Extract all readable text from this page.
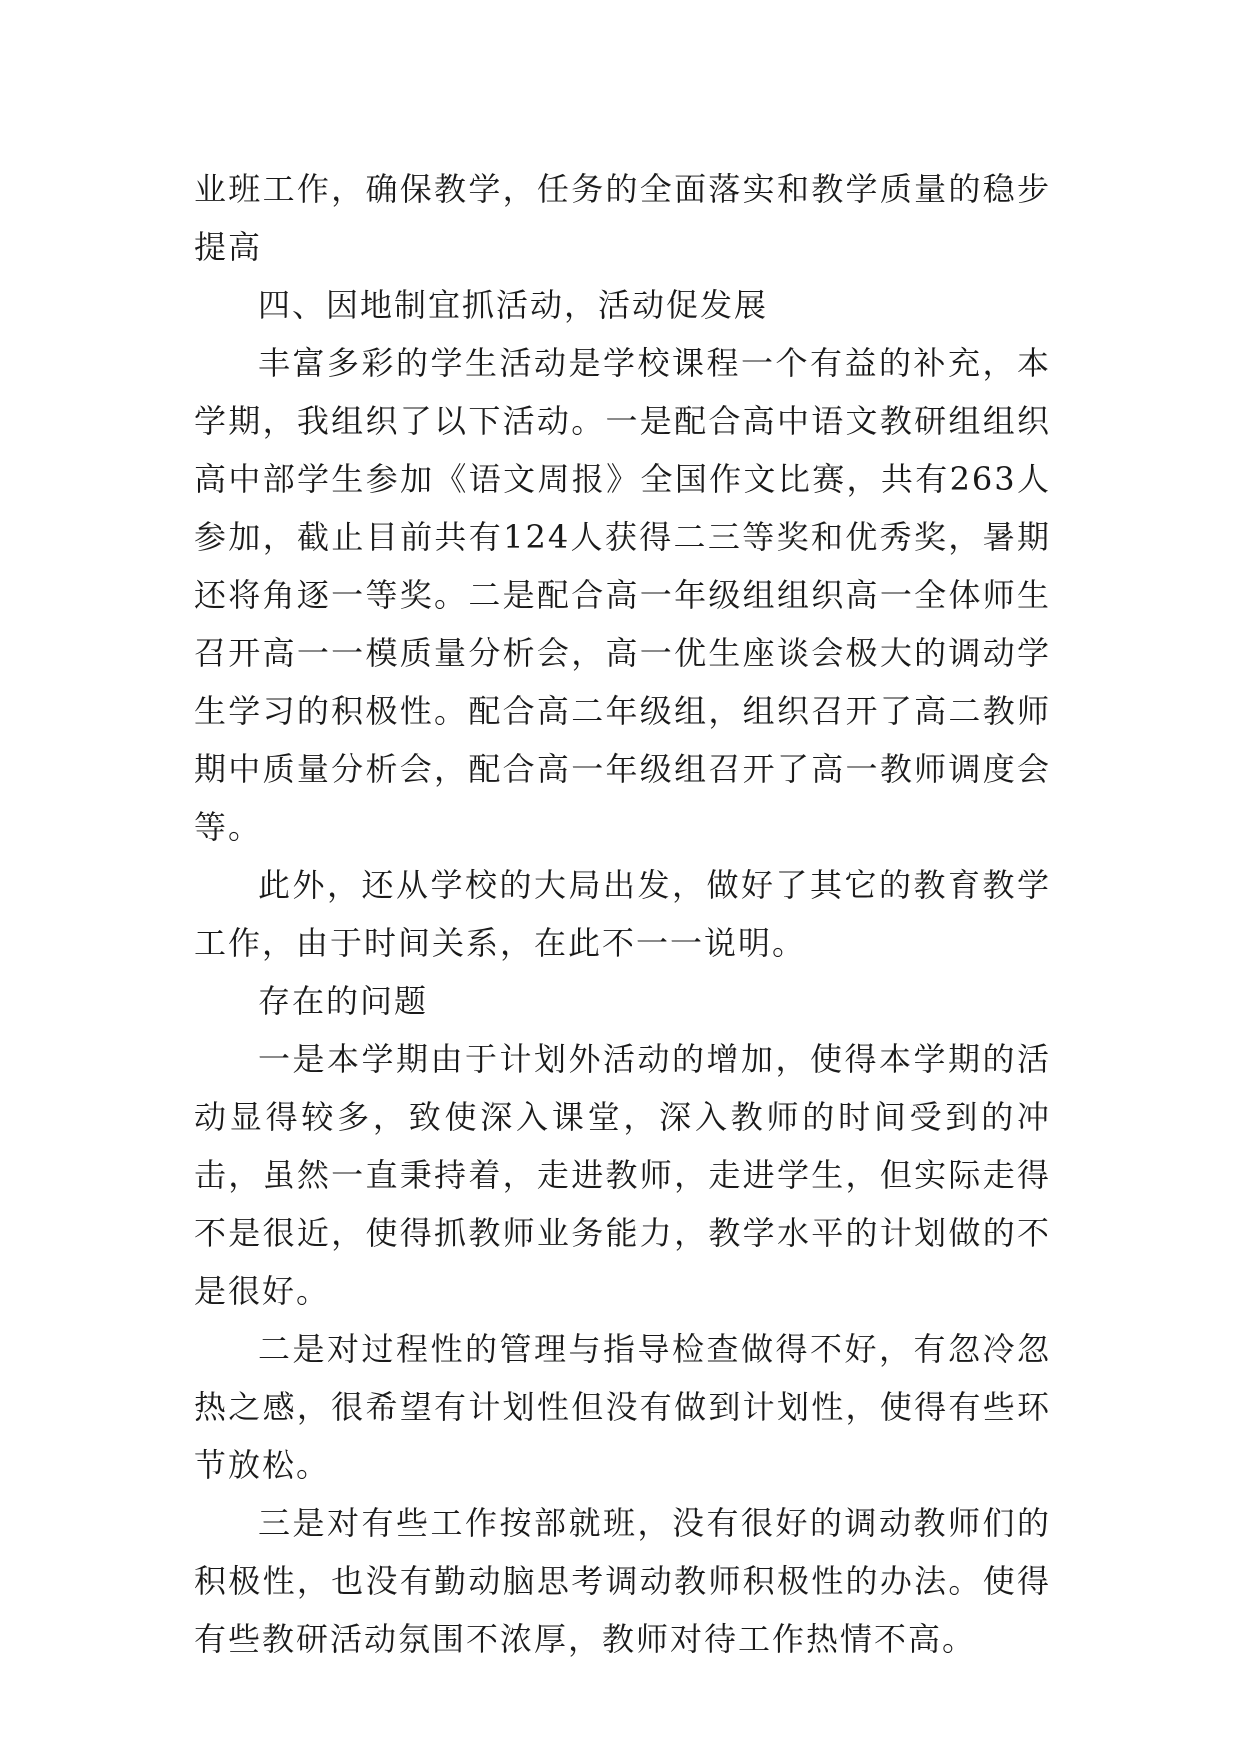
业班工作，确保教学，任务的全面落实和教学质量的稳步提高

四、因地制宜抓活动，活动促发展

丰富多彩的学生活动是学校课程一个有益的补充，本学期，我组织了以下活动。一是配合高中语文教研组组织高中部学生参加《语文周报》全国作文比赛，共有263人参加，截止目前共有124人获得二三等奖和优秀奖，暑期还将角逐一等奖。二是配合高一年级组组织高一全体师生召开高一一模质量分析会，高一优生座谈会极大的调动学生学习的积极性。配合高二年级组，组织召开了高二教师期中质量分析会，配合高一年级组召开了高一教师调度会等。

此外，还从学校的大局出发，做好了其它的教育教学工作，由于时间关系，在此不一一说明。

存在的问题

一是本学期由于计划外活动的增加，使得本学期的活动显得较多，致使深入课堂，深入教师的时间受到的冲击，虽然一直秉持着，走进教师，走进学生，但实际走得不是很近，使得抓教师业务能力，教学水平的计划做的不是很好。

二是对过程性的管理与指导检查做得不好，有忽冷忽热之感，很希望有计划性但没有做到计划性，使得有些环节放松。

三是对有些工作按部就班，没有很好的调动教师们的积极性，也没有勤动脑思考调动教师积极性的办法。使得有些教研活动氛围不浓厚，教师对待工作热情不高。
